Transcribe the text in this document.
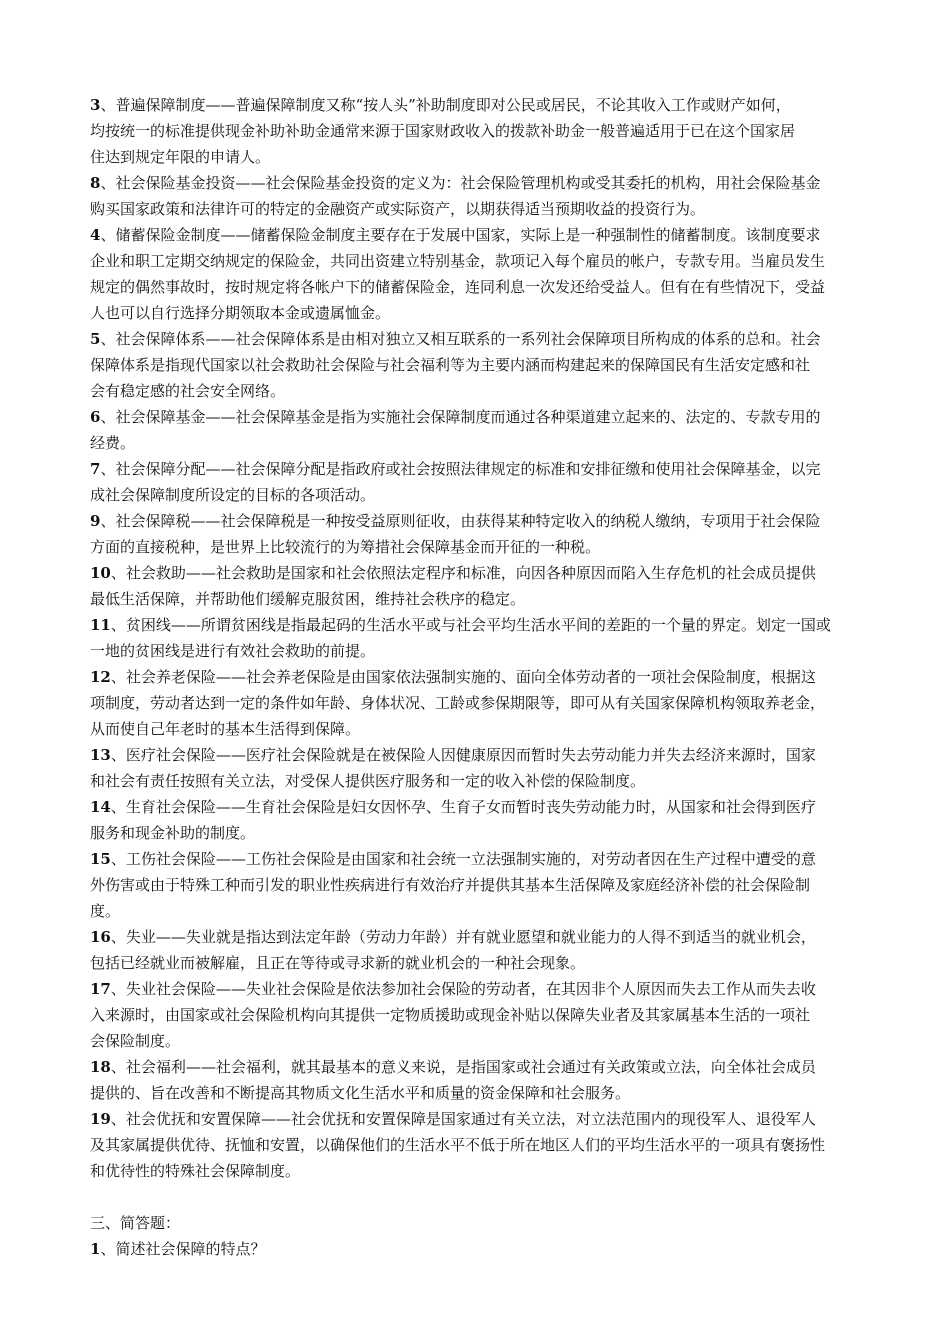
3、普遍保障制度——普遍保障制度又称“按人头”补助制度即对公民或居民，不论其收入工作或财产如何，
均按统一的标准提供现金补助补助金通常来源于国家财政收入的拨款补助金一般普遍适用于已在这个国家居
住达到规定年限的申请人。

8、社会保险基金投资——社会保险基金投资的定义为：社会保险管理机构或受其委托的机构，用社会保险基金
购买国家政策和法律许可的特定的金融资产或实际资产，以期获得适当预期收益的投资行为。

4、储蓄保险金制度——储蓄保险金制度主要存在于发展中国家，实际上是一种强制性的储蓄制度。该制度要求
企业和职工定期交纳规定的保险金，共同出资建立特别基金，款项记入每个雇员的帐户，专款专用。当雇员发生
规定的偶然事故时，按时规定将各帐户下的储蓄保险金，连同利息一次发还给受益人。但有在有些情况下，受益
人也可以自行选择分期领取本金或遗属恤金。

5、社会保障体系——社会保障体系是由相对独立又相互联系的一系列社会保障项目所构成的体系的总和。社会
保障体系是指现代国家以社会救助社会保险与社会福利等为主要内涵而构建起来的保障国民有生活安定感和社
会有稳定感的社会安全网络。

6、社会保障基金——社会保障基金是指为实施社会保障制度而通过各种渠道建立起来的、法定的、专款专用的
经费。

7、社会保障分配——社会保障分配是指政府或社会按照法律规定的标准和安排征缴和使用社会保障基金，以完
成社会保障制度所设定的目标的各项活动。

9、社会保障税——社会保障税是一种按受益原则征收，由获得某种特定收入的纳税人缴纳，专项用于社会保险
方面的直接税种，是世界上比较流行的为筹措社会保障基金而开征的一种税。

10、社会救助——社会救助是国家和社会依照法定程序和标准，向因各种原因而陷入生存危机的社会成员提供
最低生活保障，并帮助他们缓解克服贫困，维持社会秩序的稳定。

11、贫困线——所谓贫困线是指最起码的生活水平或与社会平均生活水平间的差距的一个量的界定。划定一国或
一地的贫困线是进行有效社会救助的前提。

12、社会养老保险——社会养老保险是由国家依法强制实施的、面向全体劳动者的一项社会保险制度，根据这
项制度，劳动者达到一定的条件如年龄、身体状况、工龄或参保期限等，即可从有关国家保障机构领取养老金，
从而使自己年老时的基本生活得到保障。

13、医疗社会保险——医疗社会保险就是在被保险人因健康原因而暂时失去劳动能力并失去经济来源时，国家
和社会有责任按照有关立法，对受保人提供医疗服务和一定的收入补偿的保险制度。

14、生育社会保险——生育社会保险是妇女因怀孕、生育子女而暂时丧失劳动能力时，从国家和社会得到医疗
服务和现金补助的制度。

15、工伤社会保险——工伤社会保险是由国家和社会统一立法强制实施的，对劳动者因在生产过程中遭受的意
外伤害或由于特殊工种而引发的职业性疾病进行有效治疗并提供其基本生活保障及家庭经济补偿的社会保险制
度。

16、失业——失业就是指达到法定年龄（劳动力年龄）并有就业愿望和就业能力的人得不到适当的就业机会，
包括已经就业而被解雇，且正在等待或寻求新的就业机会的一种社会现象。

17、失业社会保险——失业社会保险是依法参加社会保险的劳动者，在其因非个人原因而失去工作从而失去收
入来源时，由国家或社会保险机构向其提供一定物质援助或现金补贴以保障失业者及其家属基本生活的一项社
会保险制度。

18、社会福利——社会福利，就其最基本的意义来说，是指国家或社会通过有关政策或立法，向全体社会成员
提供的、旨在改善和不断提高其物质文化生活水平和质量的资金保障和社会服务。

19、社会优抚和安置保障——社会优抚和安置保障是国家通过有关立法，对立法范围内的现役军人、退役军人
及其家属提供优待、抚恤和安置，以确保他们的生活水平不低于所在地区人们的平均生活水平的一项具有褒扬性
和优待性的特殊社会保障制度。

三、简答题：

1、简述社会保障的特点？
